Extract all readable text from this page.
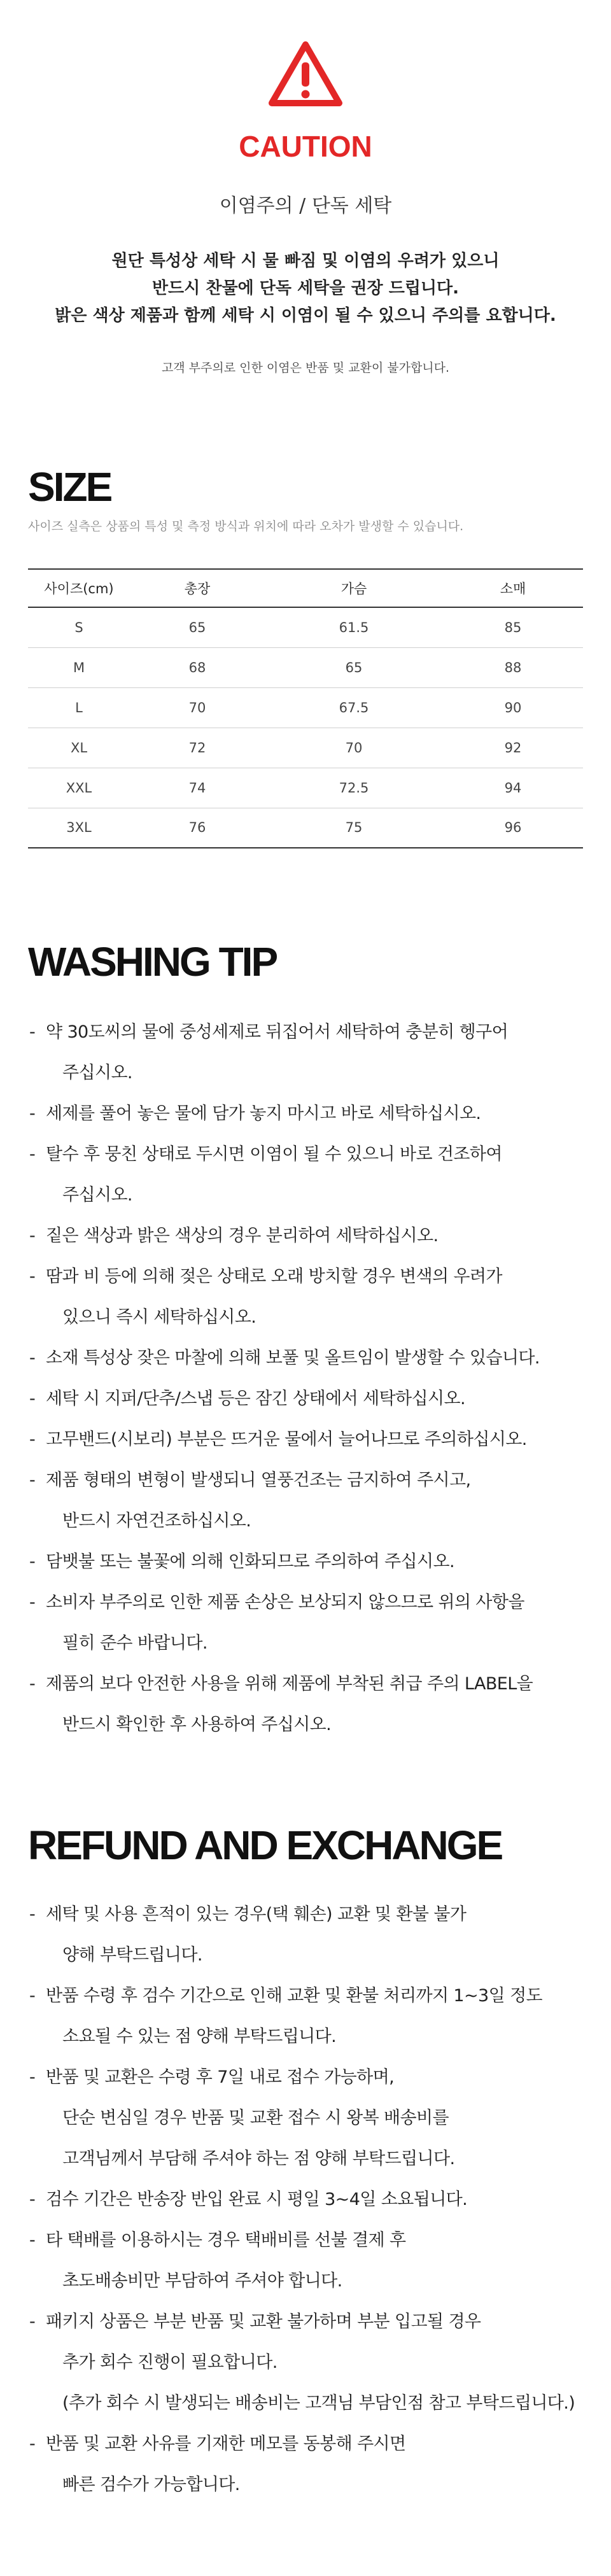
CAUTION
이염주의 / 단독 세탁
원단 특성상 세탁 시 물 빠짐 및 이염의 우려가 있으니
반드시 찬물에 단독 세탁을 권장 드립니다.
밝은 색상 제품과 함께 세탁 시 이염이 될 수 있으니 주의를 요합니다.
고객 부주의로 인한 이염은 반품 및 교환이 불가합니다.
SIZE
사이즈 실측은 상품의 특성 및 측정 방식과 위치에 따라 오차가 발생할 수 있습니다.
사이즈(cm)	총장	가슴	소매
S	65	61.5	85
M	68	65	88
L	70	67.5	90
XL	72	70	92
XXL	74	72.5	94
3XL	76	75	96
WASHING TIP
- 약 30도씨의 물에 중성세제로 뒤집어서 세탁하여 충분히 헹구어
주십시오.
- 세제를 풀어 놓은 물에 담가 놓지 마시고 바로 세탁하십시오.
- 탈수 후 뭉친 상태로 두시면 이염이 될 수 있으니 바로 건조하여
주십시오.
- 짙은 색상과 밝은 색상의 경우 분리하여 세탁하십시오.
- 땀과 비 등에 의해 젖은 상태로 오래 방치할 경우 변색의 우려가
있으니 즉시 세탁하십시오.
- 소재 특성상 잦은 마찰에 의해 보풀 및 올트임이 발생할 수 있습니다.
- 세탁 시 지퍼/단추/스냅 등은 잠긴 상태에서 세탁하십시오.
- 고무밴드(시보리) 부분은 뜨거운 물에서 늘어나므로 주의하십시오.
- 제품 형태의 변형이 발생되니 열풍건조는 금지하여 주시고,
반드시 자연건조하십시오.
- 담뱃불 또는 불꽃에 의해 인화되므로 주의하여 주십시오.
- 소비자 부주의로 인한 제품 손상은 보상되지 않으므로 위의 사항을
필히 준수 바랍니다.
- 제품의 보다 안전한 사용을 위해 제품에 부착된 취급 주의 LABEL을
반드시 확인한 후 사용하여 주십시오.
REFUND AND EXCHANGE
- 세탁 및 사용 흔적이 있는 경우(택 훼손) 교환 및 환불 불가
양해 부탁드립니다.
- 반품 수령 후 검수 기간으로 인해 교환 및 환불 처리까지 1~3일 정도
소요될 수 있는 점 양해 부탁드립니다.
- 반품 및 교환은 수령 후 7일 내로 접수 가능하며,
단순 변심일 경우 반품 및 교환 접수 시 왕복 배송비를
고객님께서 부담해 주셔야 하는 점 양해 부탁드립니다.
- 검수 기간은 반송장 반입 완료 시 평일 3~4일 소요됩니다.
- 타 택배를 이용하시는 경우 택배비를 선불 결제 후
초도배송비만 부담하여 주셔야 합니다.
- 패키지 상품은 부분 반품 및 교환 불가하며 부분 입고될 경우
추가 회수 진행이 필요합니다.
(추가 회수 시 발생되는 배송비는 고객님 부담인점 참고 부탁드립니다.)
- 반품 및 교환 사유를 기재한 메모를 동봉해 주시면
빠른 검수가 가능합니다.
